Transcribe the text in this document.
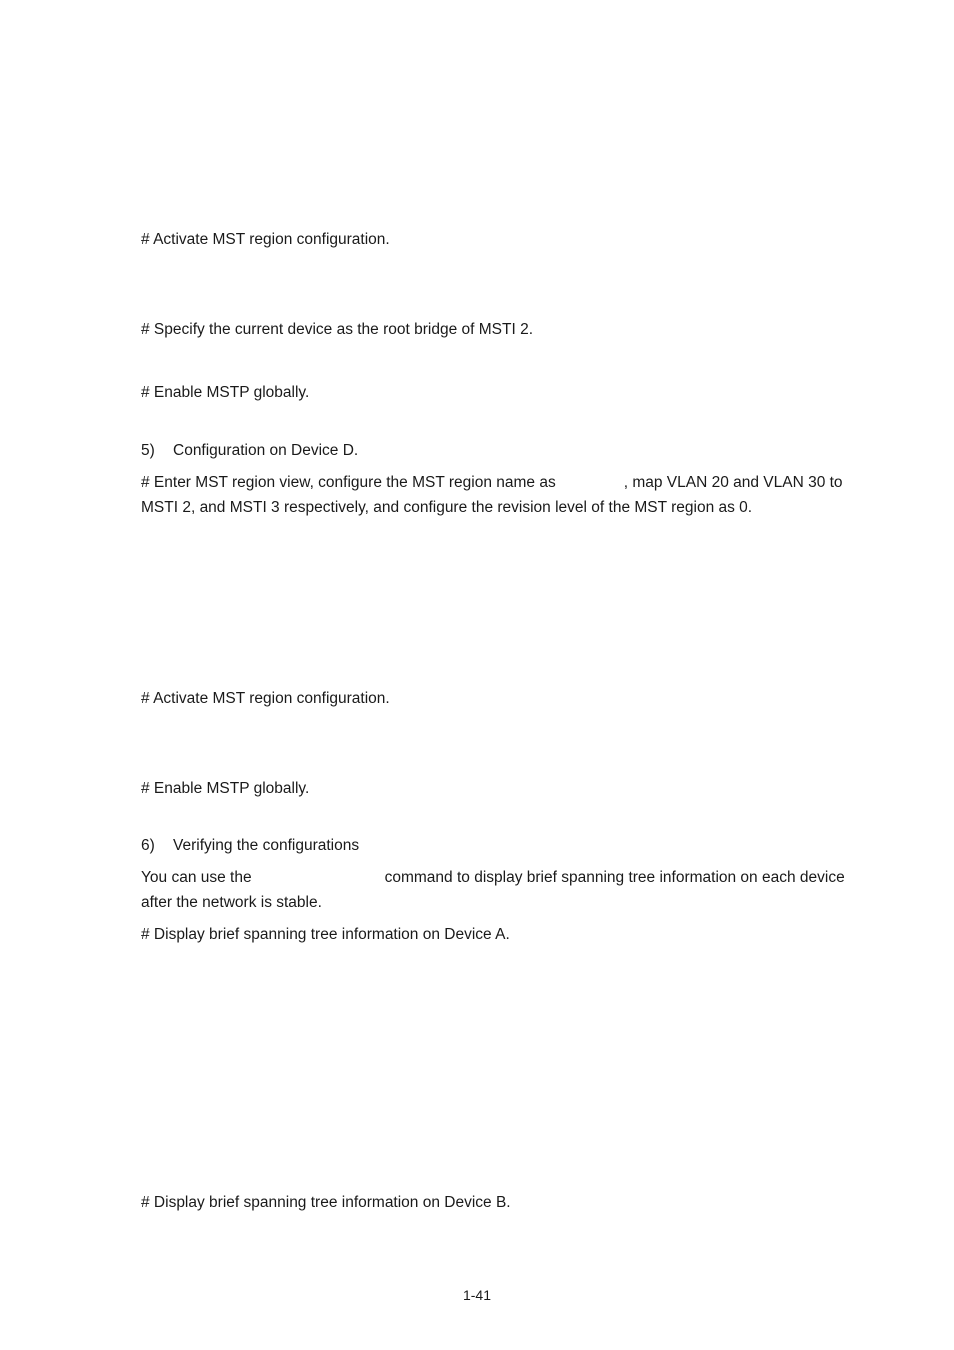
# Activate MST region configuration.
# Specify the current device as the root bridge of MSTI 2.
# Enable MSTP globally.
5) Configuration on Device D.
# Enter MST region view, configure the MST region name as	, map VLAN 20 and VLAN 30 to
MSTI 2, and MSTI 3 respectively, and configure the revision level of the MST region as 0.
# Activate MST region configuration.
# Enable MSTP globally.
6) Verifying the configurations
You can use the	command to display brief spanning tree information on each device
after the network is stable.
# Display brief spanning tree information on Device A.
# Display brief spanning tree information on Device B.
1-41
